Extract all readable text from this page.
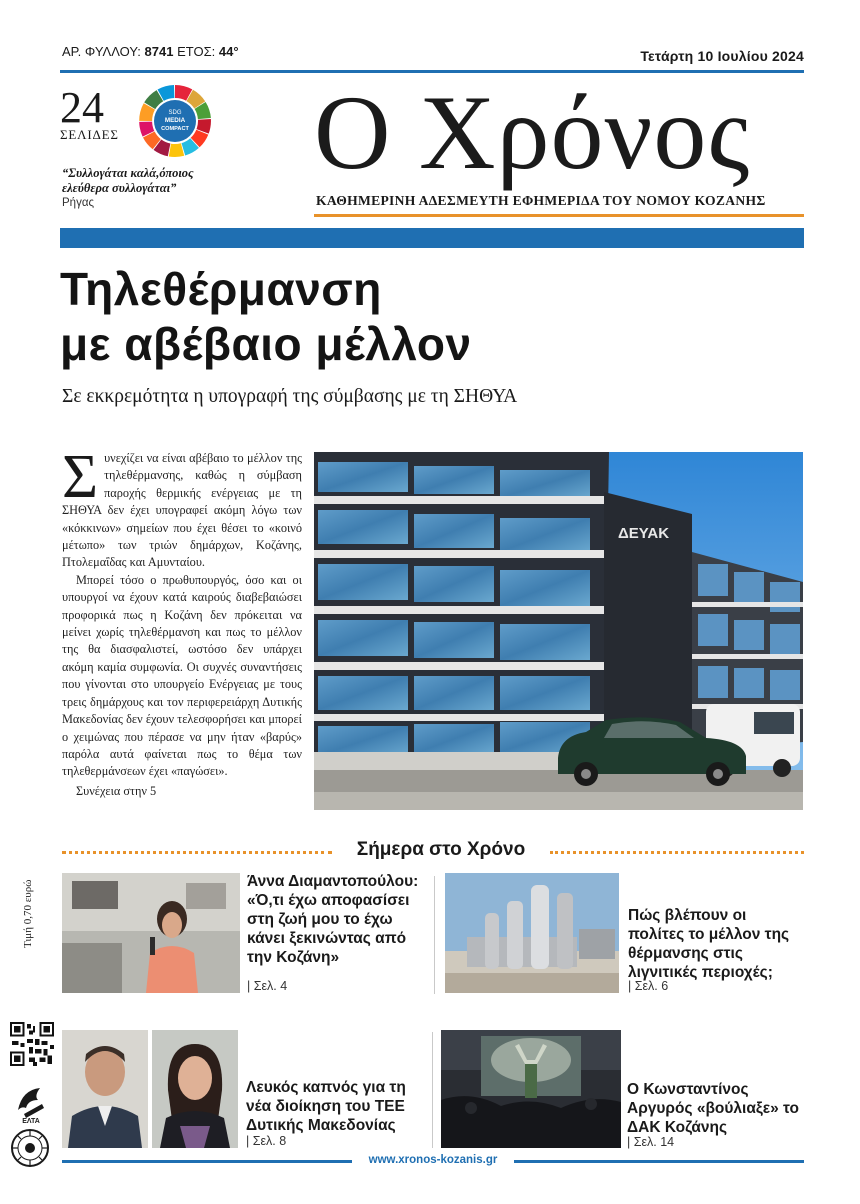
ΑΡ. ΦΥΛΛΟΥ: 8741 ΕΤΟΣ: 44°	Τετάρτη 10 Ιουλίου 2024
24
ΣΕΛΙΔΕΣ
SDG
MEDIA
COMPACT
“Συλλογάται καλά,όποιος ελεύθερα συλλογάται”
Ρήγας
Ο Χρόνος
ΚΑΘΗΜΕΡΙΝΗ ΑΔΕΣΜΕΥΤΗ ΕΦΗΜΕΡΙΔΑ ΤΟΥ ΝΟΜΟΥ ΚΟΖΑΝΗΣ
Τηλεθέρμανση
με αβέβαιο μέλλον
Σε εκκρεμότητα η υπογραφή της σύμβασης με τη ΣΗΘΥΑ

Συνεχίζει να είναι αβέβαιο το μέλλον της τηλεθέρμανσης, καθώς η σύμβαση παροχής θερμικής ενέργειας με τη ΣΗΘΥΑ δεν έχει υπογραφεί ακόμη λόγω των «κόκκινων» σημείων που έχει θέσει το «κοινό μέτωπο» των τριών δημάρχων, Κοζάνης, Πτολεμαΐδας και Αμυνταίου.

Μπορεί τόσο ο πρωθυπουργός, όσο και οι υπουργοί να έχουν κατά καιρούς διαβεβαιώσει προφορικά πως η Κοζάνη δεν πρόκειται να μείνει χωρίς τηλεθέρμανση και πως το μέλλον της θα διασφαλιστεί, ωστόσο δεν υπάρχει ακόμη καμία συμφωνία. Οι συχνές συναντήσεις που γίνονται στο υπουργείο Ενέργειας με τους τρεις δημάρχους και τον περιφερειάρχη Δυτικής Μακεδονίας δεν έχουν τελεσφορήσει και μπορεί ο χειμώνας που πέρασε να μην ήταν «βαρύς» παρόλα αυτά φαίνεται πως το θέμα των τηλεθερμάνσεων έχει «παγώσει».

Συνέχεια στην 5

ΔΕΥΑΚ
Σήμερα στο Χρόνο
Άννα Διαμαντοπούλου: «Ό,τι έχω αποφασίσει στη ζωή μου το έχω κάνει ξεκινώντας από την Κοζάνη»
| Σελ. 4
Πώς βλέπουν οι πολίτες το μέλλον της θέρμανσης στις λιγνιτικές περιοχές;
| Σελ. 6
Λευκός καπνός για τη νέα διοίκηση του ΤΕΕ Δυτικής Μακεδονίας
| Σελ. 8
Ο Κωνσταντίνος Αργυρός «βούλιαξε» το ΔΑΚ Κοζάνης
| Σελ. 14
Τιμή 0,70 ευρώ
ΕΛΤΑ
www.xronos-kozanis.gr
